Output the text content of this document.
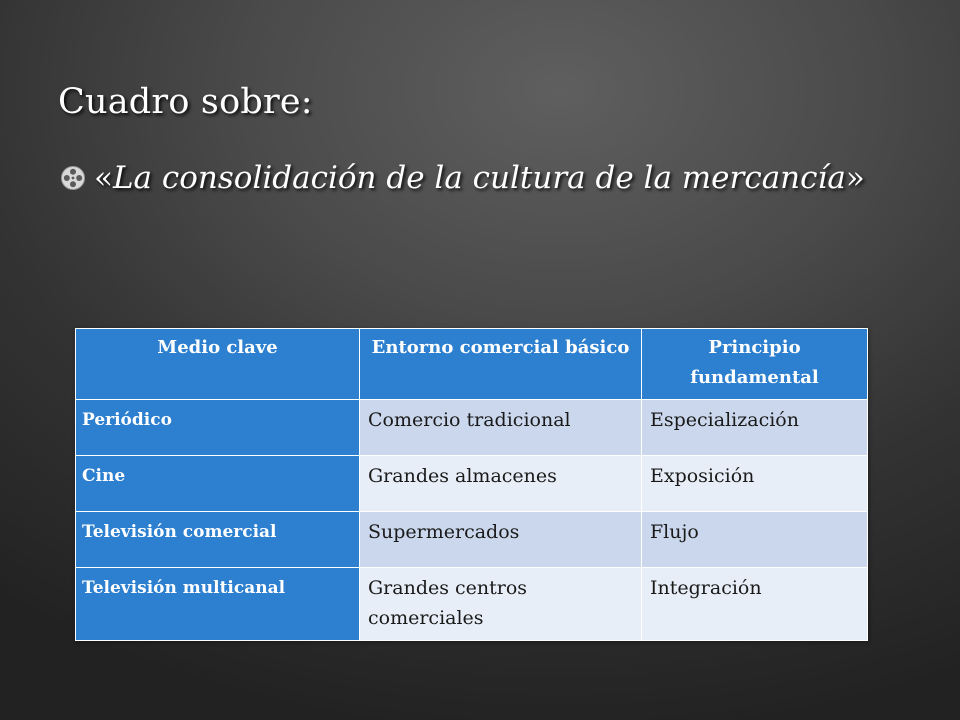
Cuadro sobre:
«La consolidación de la cultura de la mercancía»
Medio clave	Entorno comercial básico	Principio fundamental
Periódico	Comercio tradicional	Especialización
Cine	Grandes almacenes	Exposición
Televisión comercial	Supermercados	Flujo
Televisión multicanal	Grandes centros comerciales	Integración
